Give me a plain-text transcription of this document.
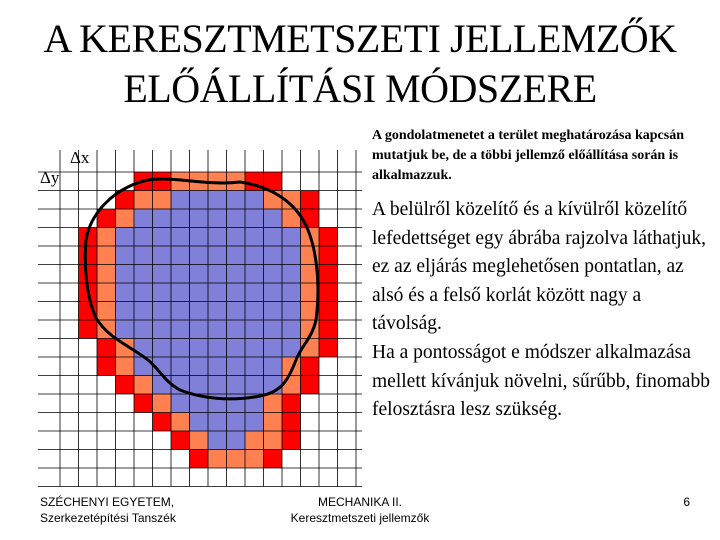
A KERESZTMETSZETI JELLEMZŐK
ELŐÁLLÍTÁSI MÓDSZERE
Δx
Δy
A gondolatmenetet a terület meghatározása kapcsán mutatjuk be, de a többi jellemző előállítása során is alkalmazzuk.

A belülről közelítő és a kívülről közelítő lefedettséget egy ábrába rajzolva láthatjuk, ez az eljárás meglehetősen pontatlan, az alsó és a felső korlát között nagy a távolság.

Ha a pontosságot e módszer alkalmazása mellett kívánjuk növelni, sűrűbb, finomabb felosztásra lesz szükség.

SZÉCHENYI EGYETEM,
Szerkezetépítési Tanszék
MECHANIKA II.
Keresztmetszeti jellemzők
6
